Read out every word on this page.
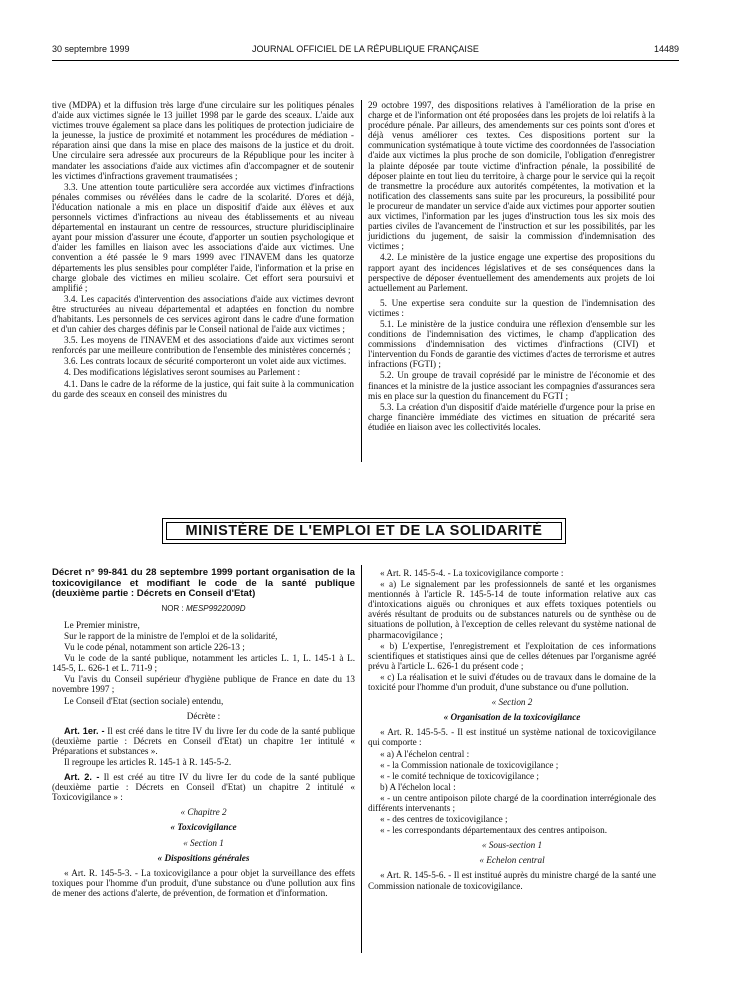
30 septembre 1999	JOURNAL OFFICIEL DE LA RÉPUBLIQUE FRANÇAISE	14489

tive (MDPA) et la diffusion très large d'une circulaire sur les politiques pénales d'aide aux victimes signée le 13 juillet 1998 par le garde des sceaux. L'aide aux victimes trouve également sa place dans les politiques de protection judiciaire de la jeunesse, la justice de proximité et notamment les procédures de médiation - réparation ainsi que dans la mise en place des maisons de la justice et du droit. Une circulaire sera adressée aux procureurs de la République pour les inciter à mandater les associations d'aide aux victimes afin d'accompagner et de soutenir les victimes d'infractions gravement traumatisées ;

3.3. Une attention toute particulière sera accordée aux victimes d'infractions pénales commises ou révélées dans le cadre de la scolarité. D'ores et déjà, l'éducation nationale a mis en place un dispositif d'aide aux élèves et aux personnels victimes d'infractions au niveau des établissements et au niveau départemental en instaurant un centre de ressources, structure pluridisciplinaire ayant pour mission d'assurer une écoute, d'apporter un soutien psychologique et d'aider les familles en liaison avec les associations d'aide aux victimes. Une convention a été passée le 9 mars 1999 avec l'INAVEM dans les quatorze départements les plus sensibles pour compléter l'aide, l'information et la prise en charge globale des victimes en milieu scolaire. Cet effort sera poursuivi et amplifié ;

3.4. Les capacités d'intervention des associations d'aide aux victimes devront être structurées au niveau départemental et adaptées en fonction du nombre d'habitants. Les personnels de ces services agiront dans le cadre d'une formation et d'un cahier des charges définis par le Conseil national de l'aide aux victimes ;

3.5. Les moyens de l'INAVEM et des associations d'aide aux victimes seront renforcés par une meilleure contribution de l'ensemble des ministères concernés ;

3.6. Les contrats locaux de sécurité comporteront un volet aide aux victimes.

4. Des modifications législatives seront soumises au Parlement :

4.1. Dans le cadre de la réforme de la justice, qui fait suite à la communication du garde des sceaux en conseil des ministres du

29 octobre 1997, des dispositions relatives à l'amélioration de la prise en charge et de l'information ont été proposées dans les projets de loi relatifs à la procédure pénale. Par ailleurs, des amendements sur ces points sont d'ores et déjà venus améliorer ces textes. Ces dispositions portent sur la communication systématique à toute victime des coordonnées de l'association d'aide aux victimes la plus proche de son domicile, l'obligation d'enregistrer la plainte déposée par toute victime d'infraction pénale, la possibilité de déposer plainte en tout lieu du territoire, à charge pour le service qui la reçoit de transmettre la procédure aux autorités compétentes, la motivation et la notification des classements sans suite par les procureurs, la possibilité pour le procureur de mandater un service d'aide aux victimes pour apporter soutien aux victimes, l'information par les juges d'instruction tous les six mois des parties civiles de l'avancement de l'instruction et sur les possibilités, par les juridictions du jugement, de saisir la commission d'indemnisation des victimes ;

4.2. Le ministère de la justice engage une expertise des propositions du rapport ayant des incidences législatives et de ses conséquences dans la perspective de déposer éventuellement des amendements aux projets de loi actuellement au Parlement.

5. Une expertise sera conduite sur la question de l'indemnisation des victimes :

5.1. Le ministère de la justice conduira une réflexion d'ensemble sur les conditions de l'indemnisation des victimes, le champ d'application des commissions d'indemnisation des victimes d'infractions (CIVI) et l'intervention du Fonds de garantie des victimes d'actes de terrorisme et autres infractions (FGTI) ;

5.2. Un groupe de travail coprésidé par le ministre de l'économie et des finances et la ministre de la justice associant les compagnies d'assurances sera mis en place sur la question du financement du FGTI ;

5.3. La création d'un dispositif d'aide matérielle d'urgence pour la prise en charge financière immédiate des victimes en situation de précarité sera étudiée en liaison avec les collectivités locales.

MINISTÈRE DE L'EMPLOI ET DE LA SOLIDARITÉ
Décret n° 99-841 du 28 septembre 1999 portant organisation de la toxicovigilance et modifiant le code de la santé publique (deuxième partie : Décrets en Conseil d'Etat)
NOR : MESP9922009D

Le Premier ministre,

Sur le rapport de la ministre de l'emploi et de la solidarité,

Vu le code pénal, notamment son article 226-13 ;

Vu le code de la santé publique, notamment les articles L. 1, L. 145-1 à L. 145-5, L. 626-1 et L. 711-9 ;

Vu l'avis du Conseil supérieur d'hygiène publique de France en date du 13 novembre 1997 ;

Le Conseil d'Etat (section sociale) entendu,

Décrète :

Art. 1er. - Il est créé dans le titre IV du livre Ier du code de la santé publique (deuxième partie : Décrets en Conseil d'Etat) un chapitre 1er intitulé « Préparations et substances ».

Il regroupe les articles R. 145-1 à R. 145-5-2.

Art. 2. - Il est créé au titre IV du livre Ier du code de la santé publique (deuxième partie : Décrets en Conseil d'Etat) un chapitre 2 intitulé « Toxicovigilance » :

« Chapitre 2

« Toxicovigilance

« Section 1

« Dispositions générales

« Art. R. 145-5-3. - La toxicovigilance a pour objet la surveillance des effets toxiques pour l'homme d'un produit, d'une substance ou d'une pollution aux fins de mener des actions d'alerte, de prévention, de formation et d'information.

« Art. R. 145-5-4. - La toxicovigilance comporte :

« a) Le signalement par les professionnels de santé et les organismes mentionnés à l'article R. 145-5-14 de toute information relative aux cas d'intoxications aiguës ou chroniques et aux effets toxiques potentiels ou avérés résultant de produits ou de substances naturels ou de synthèse ou de situations de pollution, à l'exception de celles relevant du système national de pharmacovigilance ;

« b) L'expertise, l'enregistrement et l'exploitation de ces informations scientifiques et statistiques ainsi que de celles détenues par l'organisme agréé prévu à l'article L. 626-1 du présent code ;

« c) La réalisation et le suivi d'études ou de travaux dans le domaine de la toxicité pour l'homme d'un produit, d'une substance ou d'une pollution.

« Section 2

« Organisation de la toxicovigilance

« Art. R. 145-5-5. - Il est institué un système national de toxicovigilance qui comporte :

« a) A l'échelon central :

« - la Commission nationale de toxicovigilance ;

« - le comité technique de toxicovigilance ;

b) A l'échelon local :

« - un centre antipoison pilote chargé de la coordination interrégionale des différents intervenants ;

« - des centres de toxicovigilance ;

« - les correspondants départementaux des centres antipoison.

« Sous-section 1

« Echelon central

« Art. R. 145-5-6. - Il est institué auprès du ministre chargé de la santé une Commission nationale de toxicovigilance.
